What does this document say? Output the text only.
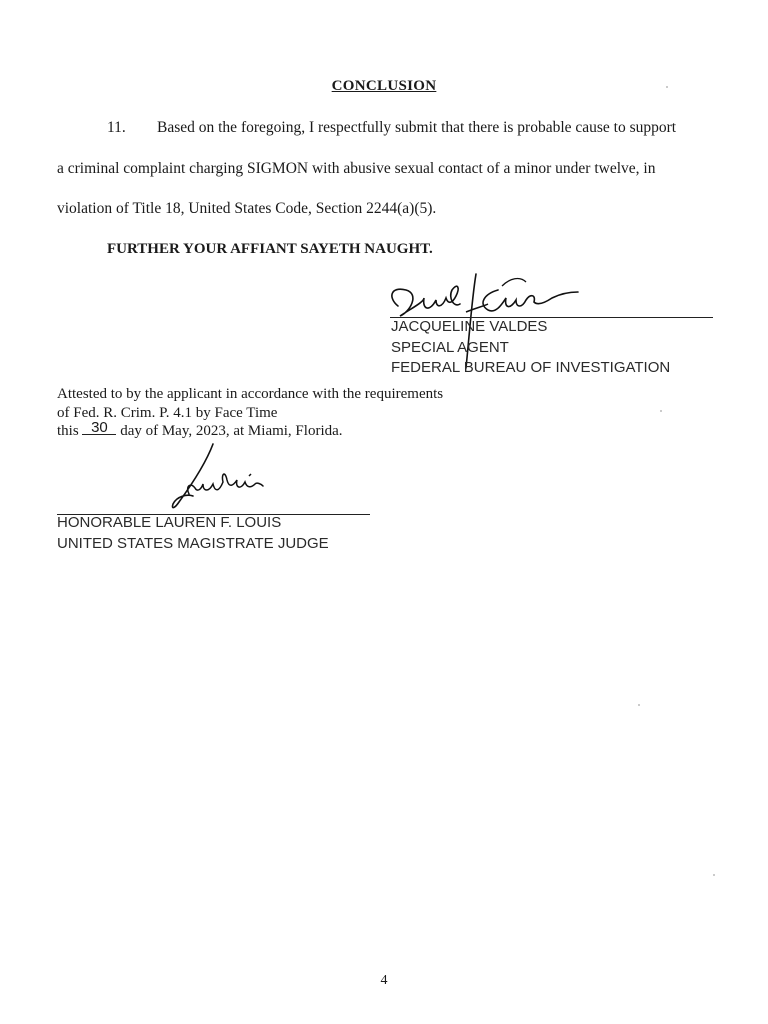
CONCLUSION
11. Based on the foregoing, I respectfully submit that there is probable cause to support
a criminal complaint charging SIGMON with abusive sexual contact of a minor under twelve, in
violation of Title 18, United States Code, Section 2244(a)(5).
FURTHER YOUR AFFIANT SAYETH NAUGHT.
JACQUELINE VALDES
SPECIAL AGENT
FEDERAL BUREAU OF INVESTIGATION
Attested to by the applicant in accordance with the requirements
of Fed. R. Crim. P. 4.1 by Face Time
this 30 day of May, 2023, at Miami, Florida.
HONORABLE LAUREN F. LOUIS
UNITED STATES MAGISTRATE JUDGE
4
